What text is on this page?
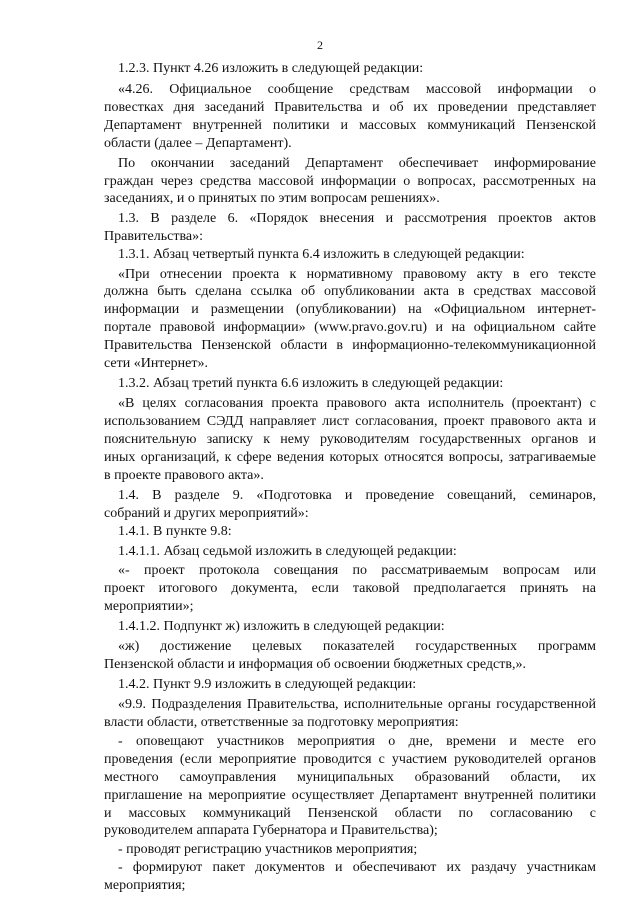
2
1.2.3. Пункт 4.26 изложить в следующей редакции:
«4.26. Официальное сообщение средствам массовой информации о
повестках дня заседаний Правительства и об их проведении представляет
Департамент внутренней политики и массовых коммуникаций Пензенской
области (далее – Департамент).
По окончании заседаний Департамент обеспечивает информирование
граждан через средства массовой информации о вопросах, рассмотренных на
заседаниях, и о принятых по этим вопросам решениях».
1.3. В разделе 6. «Порядок внесения и рассмотрения проектов актов
Правительства»:
1.3.1. Абзац четвертый пункта 6.4 изложить в следующей редакции:
«При отнесении проекта к нормативному правовому акту в его тексте
должна быть сделана ссылка об опубликовании акта в средствах массовой
информации и размещении (опубликовании) на «Официальном интернет-
портале правовой информации» (www.pravo.gov.ru) и на официальном сайте
Правительства Пензенской области в информационно-телекоммуникационной
сети «Интернет».
1.3.2. Абзац третий пункта 6.6 изложить в следующей редакции:
«В целях согласования проекта правового акта исполнитель (проектант) с
использованием СЭДД направляет лист согласования, проект правового акта и
пояснительную записку к нему руководителям государственных органов и
иных организаций, к сфере ведения которых относятся вопросы, затрагиваемые
в проекте правового акта».
1.4. В разделе 9. «Подготовка и проведение совещаний, семинаров,
собраний и других мероприятий»:
1.4.1. В пункте 9.8:
1.4.1.1. Абзац седьмой изложить в следующей редакции:
«- проект протокола совещания по рассматриваемым вопросам или
проект итогового документа, если таковой предполагается принять на
мероприятии»;
1.4.1.2. Подпункт ж) изложить в следующей редакции:
«ж) достижение целевых показателей государственных программ
Пензенской области и информация об освоении бюджетных средств,».
1.4.2. Пункт 9.9 изложить в следующей редакции:
«9.9. Подразделения Правительства, исполнительные органы государственной
власти области, ответственные за подготовку мероприятия:
- оповещают участников мероприятия о дне, времени и месте его
проведения (если мероприятие проводится с участием руководителей органов
местного самоуправления муниципальных образований области, их
приглашение на мероприятие осуществляет Департамент внутренней политики
и массовых коммуникаций Пензенской области по согласованию с
руководителем аппарата Губернатора и Правительства);
- проводят регистрацию участников мероприятия;
- формируют пакет документов и обеспечивают их раздачу участникам
мероприятия;
